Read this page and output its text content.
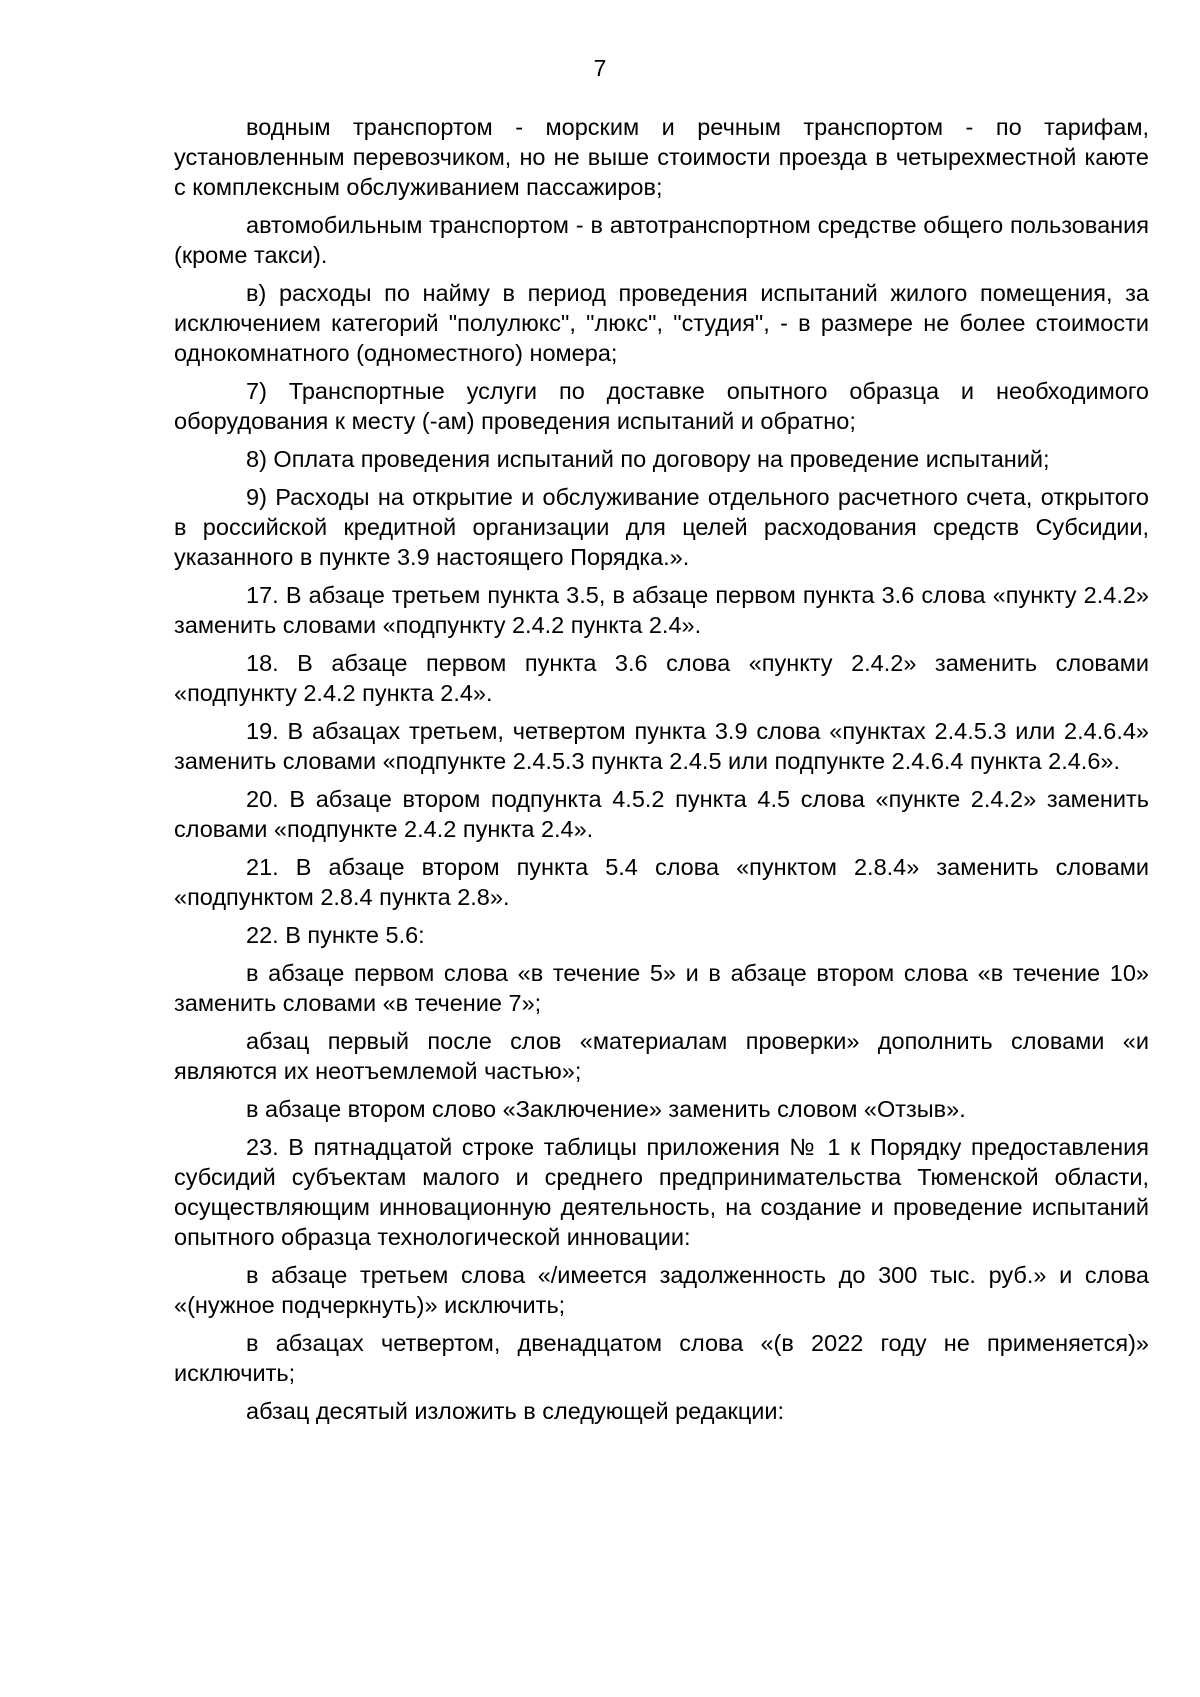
7

водным транспортом - морским и речным транспортом - по тарифам, установленным перевозчиком, но не выше стоимости проезда в четырехместной каюте с комплексным обслуживанием пассажиров;

автомобильным транспортом - в автотранспортном средстве общего пользования (кроме такси).

в) расходы по найму в период проведения испытаний жилого помещения, за исключением категорий "полулюкс", "люкс", "студия", - в размере не более стоимости однокомнатного (одноместного) номера;

7) Транспортные услуги по доставке опытного образца и необходимого оборудования к месту (-ам) проведения испытаний и обратно;

8) Оплата проведения испытаний по договору на проведение испытаний;

9) Расходы на открытие и обслуживание отдельного расчетного счета, открытого в российской кредитной организации для целей расходования средств Субсидии, указанного в пункте 3.9 настоящего Порядка.».

17. В абзаце третьем пункта 3.5, в абзаце первом пункта 3.6 слова «пункту 2.4.2» заменить словами «подпункту 2.4.2 пункта 2.4».

18. В абзаце первом пункта 3.6 слова «пункту 2.4.2» заменить словами «подпункту 2.4.2 пункта 2.4».

19. В абзацах третьем, четвертом пункта 3.9 слова «пунктах 2.4.5.3 или 2.4.6.4» заменить словами «подпункте 2.4.5.3 пункта 2.4.5 или подпункте 2.4.6.4 пункта 2.4.6».

20. В абзаце втором подпункта 4.5.2 пункта 4.5 слова «пункте 2.4.2» заменить словами «подпункте 2.4.2 пункта 2.4».

21. В абзаце втором пункта 5.4 слова «пунктом 2.8.4» заменить словами «подпунктом 2.8.4 пункта 2.8».

22. В пункте 5.6:

в абзаце первом слова «в течение 5» и в абзаце втором слова «в течение 10» заменить словами «в течение 7»;

абзац первый после слов «материалам проверки» дополнить словами «и являются их неотъемлемой частью»;

в абзаце втором слово «Заключение» заменить словом «Отзыв».

23. В пятнадцатой строке таблицы приложения № 1 к Порядку предоставления субсидий субъектам малого и среднего предпринимательства Тюменской области, осуществляющим инновационную деятельность, на создание и проведение испытаний опытного образца технологической инновации:

в абзаце третьем слова «/имеется задолженность до 300 тыс. руб.» и слова «(нужное подчеркнуть)» исключить;

в абзацах четвертом, двенадцатом слова «(в 2022 году не применяется)» исключить;

абзац десятый изложить в следующей редакции:
